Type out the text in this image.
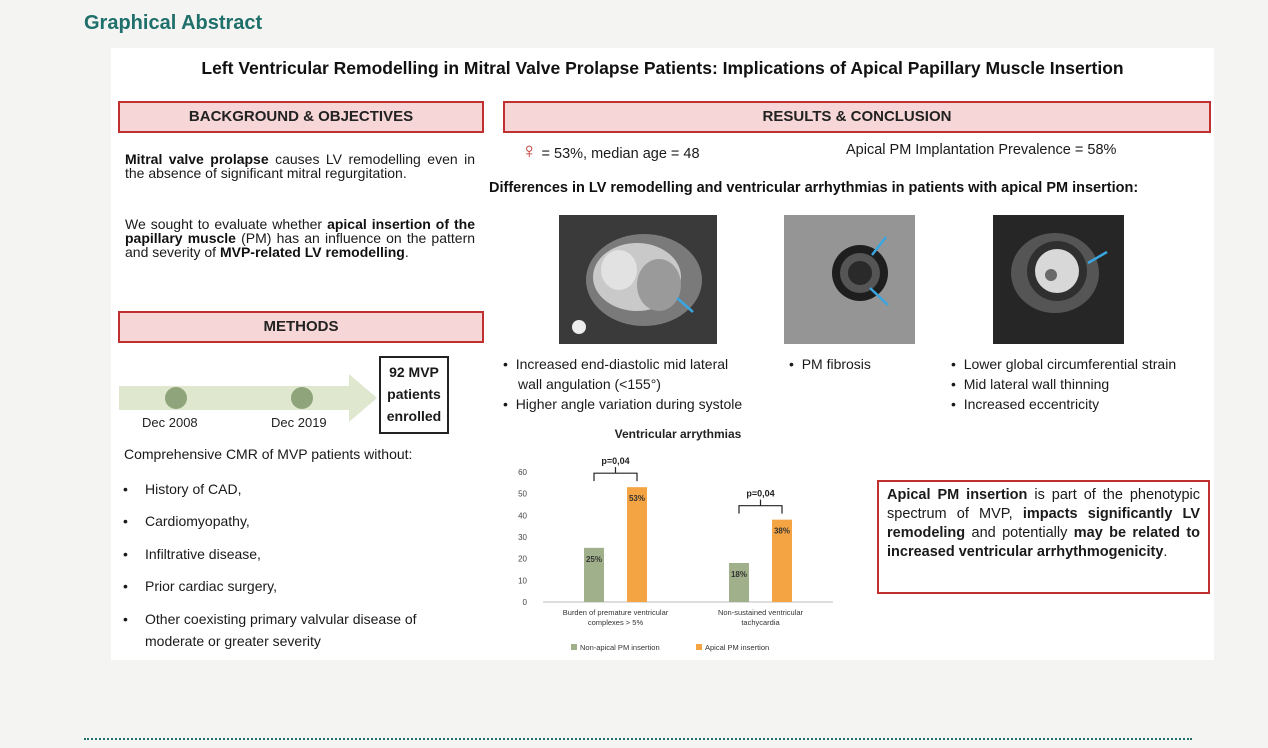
Graphical Abstract
Left Ventricular Remodelling in Mitral Valve Prolapse Patients: Implications of Apical Papillary Muscle Insertion
BACKGROUND & OBJECTIVES
Mitral valve prolapse causes LV remodelling even in the absence of significant mitral regurgitation.
We sought to evaluate whether apical insertion of the papillary muscle (PM) has an influence on the pattern and severity of MVP-related LV remodelling.
METHODS
Dec 2008	Dec 2019
92 MVP
patients
enrolled
Comprehensive CMR of MVP patients without:
• History of CAD,
• Cardiomyopathy,
• Infiltrative disease,
• Prior cardiac surgery,
• Other coexisting primary valvular disease of
moderate or greater severity
RESULTS & CONCLUSION
♀ = 53%, median age = 48	Apical PM Implantation Prevalence = 58%
Differences in LV remodelling and ventricular arrhythmias in patients with apical PM insertion:
•  Increased end-diastolic mid lateral
wall angulation (<155°)
•  Higher angle variation during systole
•  PM fibrosis	•  Lower global circumferential strain
•  Mid lateral wall thinning
•  Increased eccentricity
Ventricular arrythmias
0
10
20
30
40
50
60
25%
53%
p=0,04
Burden of premature ventricular
complexes > 5%
18%
38%
p=0,04
Non-sustained ventricular
tachycardia
Non-apical PM insertion	Apical PM insertion
Apical PM insertion is part of the phenotypic spectrum of MVP, impacts significantly LV remodeling and potentially may be related to increased ventricular arrhythmogenicity.
